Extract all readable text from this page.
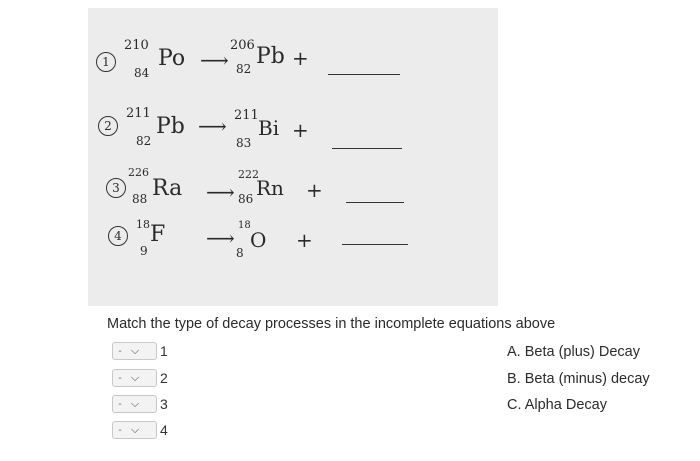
1
210
84
Po ⟶
206
82 Pb +
2
211
82
Pb ⟶ 211
83
Bi +
3
226
88 Ra ⟶
222
86 Rn +
4
18
9
F ⟶
18
8
O +
Match the type of decay processes in the incomplete equations above
- ⌵ 1
- ⌵ 2
- ⌵ 3
- ⌵ 4
A. Beta (plus) Decay
B. Beta (minus) decay
C. Alpha Decay
